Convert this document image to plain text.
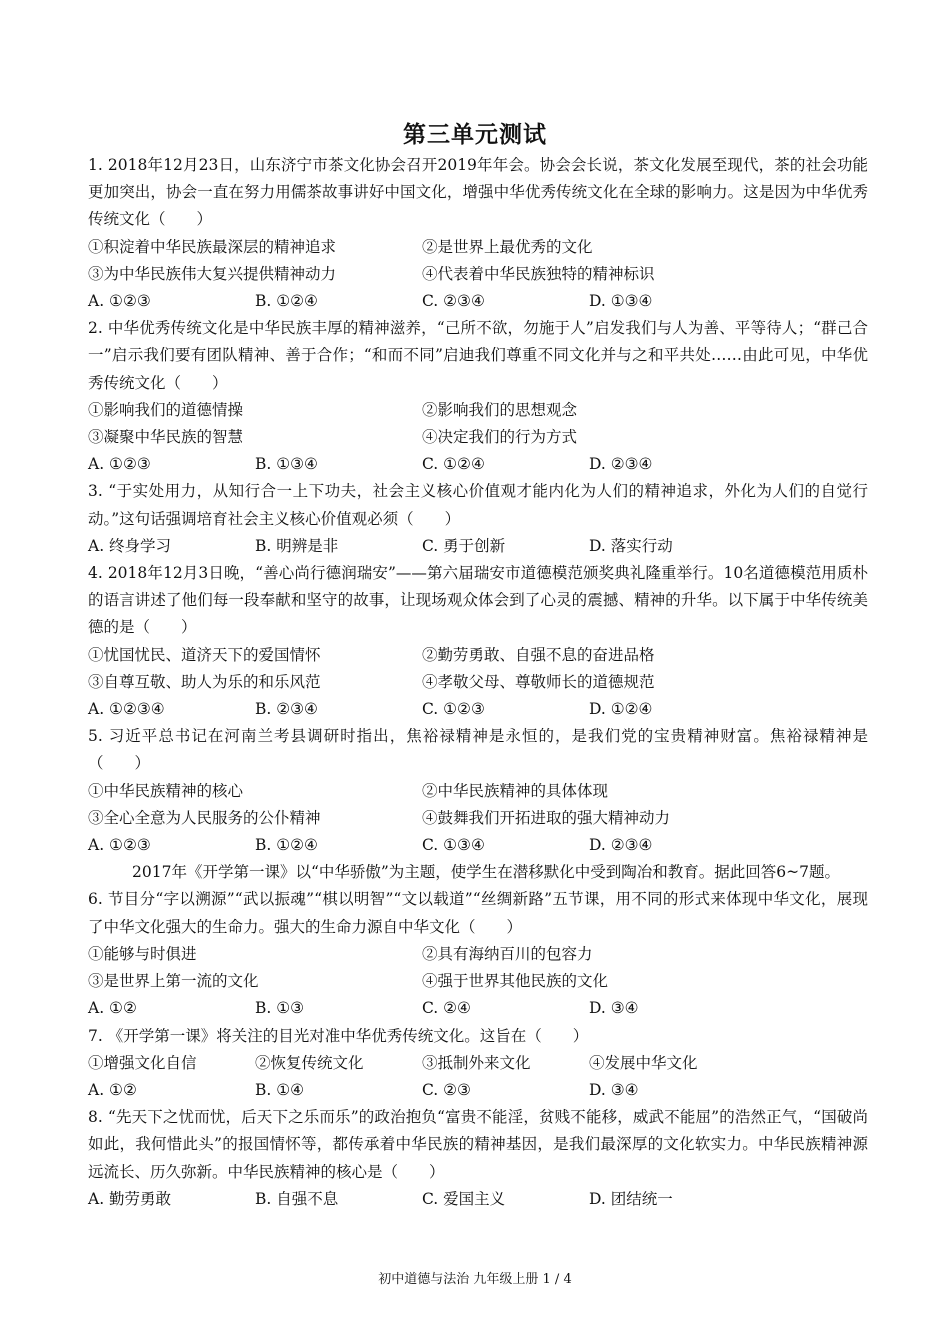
第三单元测试
1. 2018年12月23日，山东济宁市茶文化协会召开2019年年会。协会会长说，茶文化发展至现代，茶的社会功能更加突出，协会一直在努力用儒茶故事讲好中国文化，增强中华优秀传统文化在全球的影响力。这是因为中华优秀传统文化（　　）
①积淀着中华民族最深层的精神追求	②是世界上最优秀的文化
③为中华民族伟大复兴提供精神动力	④代表着中华民族独特的精神标识
A. ①②③	B. ①②④	C. ②③④	D. ①③④
2. 中华优秀传统文化是中华民族丰厚的精神滋养，“己所不欲，勿施于人”启发我们与人为善、平等待人；“群己合一”启示我们要有团队精神、善于合作；“和而不同”启迪我们尊重不同文化并与之和平共处……由此可见，中华优秀传统文化（　　）
①影响我们的道德情操	②影响我们的思想观念
③凝聚中华民族的智慧	④决定我们的行为方式
A. ①②③	B. ①③④	C. ①②④	D. ②③④
3. “于实处用力，从知行合一上下功夫，社会主义核心价值观才能内化为人们的精神追求，外化为人们的自觉行动。”这句话强调培育社会主义核心价值观必须（　　）
A. 终身学习	B. 明辨是非	C. 勇于创新	D. 落实行动
4. 2018年12月3日晚，“善心尚行德润瑞安”——第六届瑞安市道德模范颁奖典礼隆重举行。10名道德模范用质朴的语言讲述了他们每一段奉献和坚守的故事，让现场观众体会到了心灵的震撼、精神的升华。以下属于中华传统美德的是（　　）
①忧国忧民、道济天下的爱国情怀	②勤劳勇敢、自强不息的奋进品格
③自尊互敬、助人为乐的和乐风范	④孝敬父母、尊敬师长的道德规范
A. ①②③④	B. ②③④	C. ①②③	D. ①②④
5. 习近平总书记在河南兰考县调研时指出，焦裕禄精神是永恒的，是我们党的宝贵精神财富。焦裕禄精神是（　　）
①中华民族精神的核心	②中华民族精神的具体体现
③全心全意为人民服务的公仆精神	④鼓舞我们开拓进取的强大精神动力
A. ①②③	B. ①②④	C. ①③④	D. ②③④
2017年《开学第一课》以“中华骄傲”为主题，使学生在潜移默化中受到陶冶和教育。据此回答6~7题。
6. 节目分“字以溯源”“武以振魂”“棋以明智”“文以载道”“丝绸新路”五节课，用不同的形式来体现中华文化，展现了中华文化强大的生命力。强大的生命力源自中华文化（　　）
①能够与时俱进	②具有海纳百川的包容力
③是世界上第一流的文化	④强于世界其他民族的文化
A. ①②	B. ①③	C. ②④	D. ③④
7. 《开学第一课》将关注的目光对准中华优秀传统文化。这旨在（　　）
①增强文化自信	②恢复传统文化	③抵制外来文化	④发展中华文化
A. ①②	B. ①④	C. ②③	D. ③④
8. “先天下之忧而忧，后天下之乐而乐”的政治抱负“富贵不能淫，贫贱不能移，威武不能屈”的浩然正气，“国破尚如此，我何惜此头”的报国情怀等，都传承着中华民族的精神基因，是我们最深厚的文化软实力。中华民族精神源远流长、历久弥新。中华民族精神的核心是（　　）
A. 勤劳勇敢	B. 自强不息	C. 爱国主义	D. 团结统一
初中道德与法治 九年级上册 1 / 4
